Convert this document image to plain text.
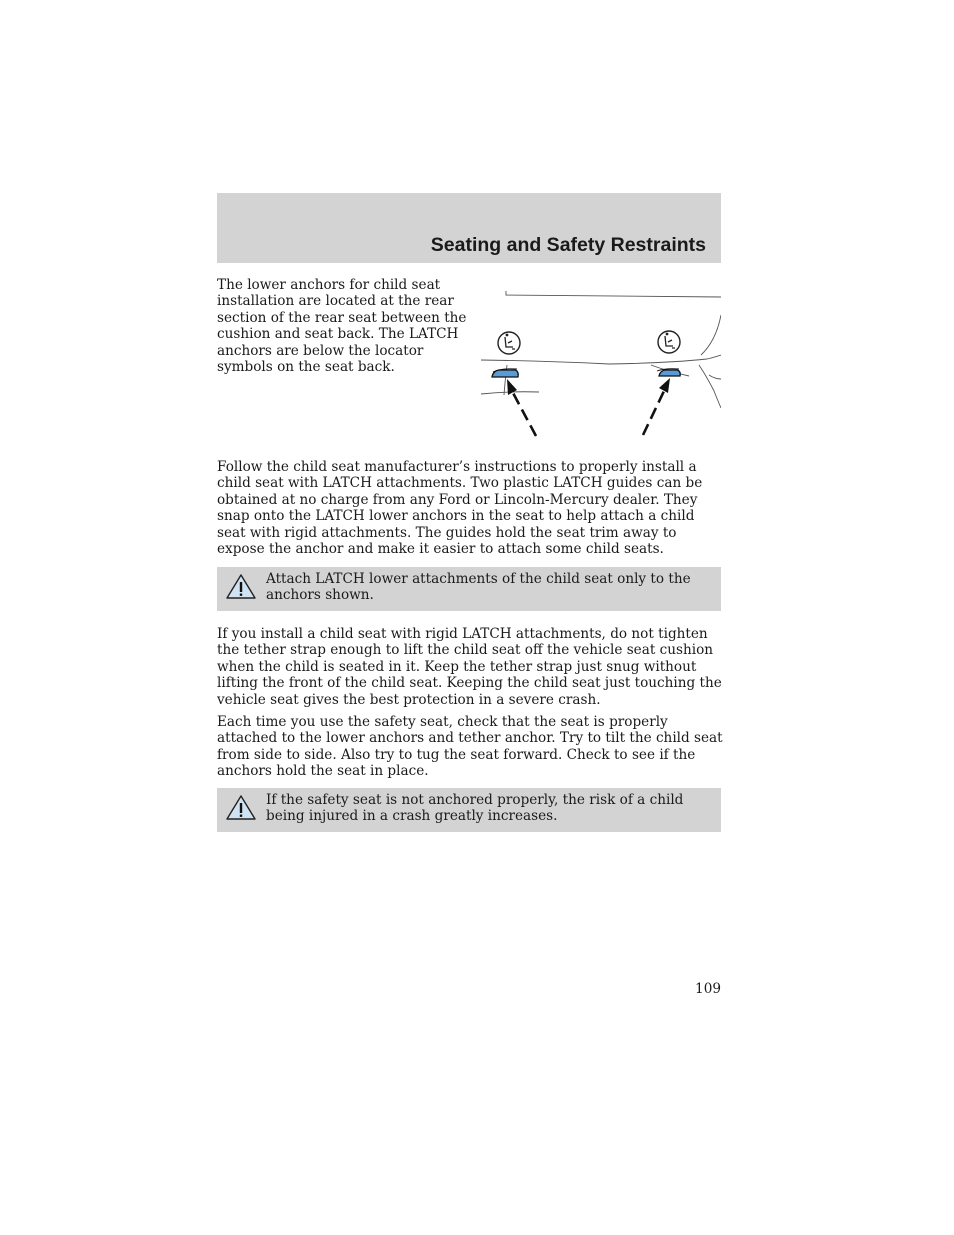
Seating and Safety Restraints

The lower anchors for child seat installation are located at the rear section of the rear seat between the cushion and seat back. The LATCH anchors are below the locator symbols on the seat back.

Follow the child seat manufacturer’s instructions to properly install a child seat with LATCH attachments. Two plastic LATCH guides can be obtained at no charge from any Ford or Lincoln-Mercury dealer. They snap onto the LATCH lower anchors in the seat to help attach a child seat with rigid attachments. The guides hold the seat trim away to expose the anchor and make it easier to attach some child seats.

Attach LATCH lower attachments of the child seat only to the anchors shown.

If you install a child seat with rigid LATCH attachments, do not tighten the tether strap enough to lift the child seat off the vehicle seat cushion when the child is seated in it. Keep the tether strap just snug without lifting the front of the child seat. Keeping the child seat just touching the vehicle seat gives the best protection in a severe crash.

Each time you use the safety seat, check that the seat is properly attached to the lower anchors and tether anchor. Try to tilt the child seat from side to side. Also try to tug the seat forward. Check to see if the anchors hold the seat in place.

If the safety seat is not anchored properly, the risk of a child being injured in a crash greatly increases.

109
